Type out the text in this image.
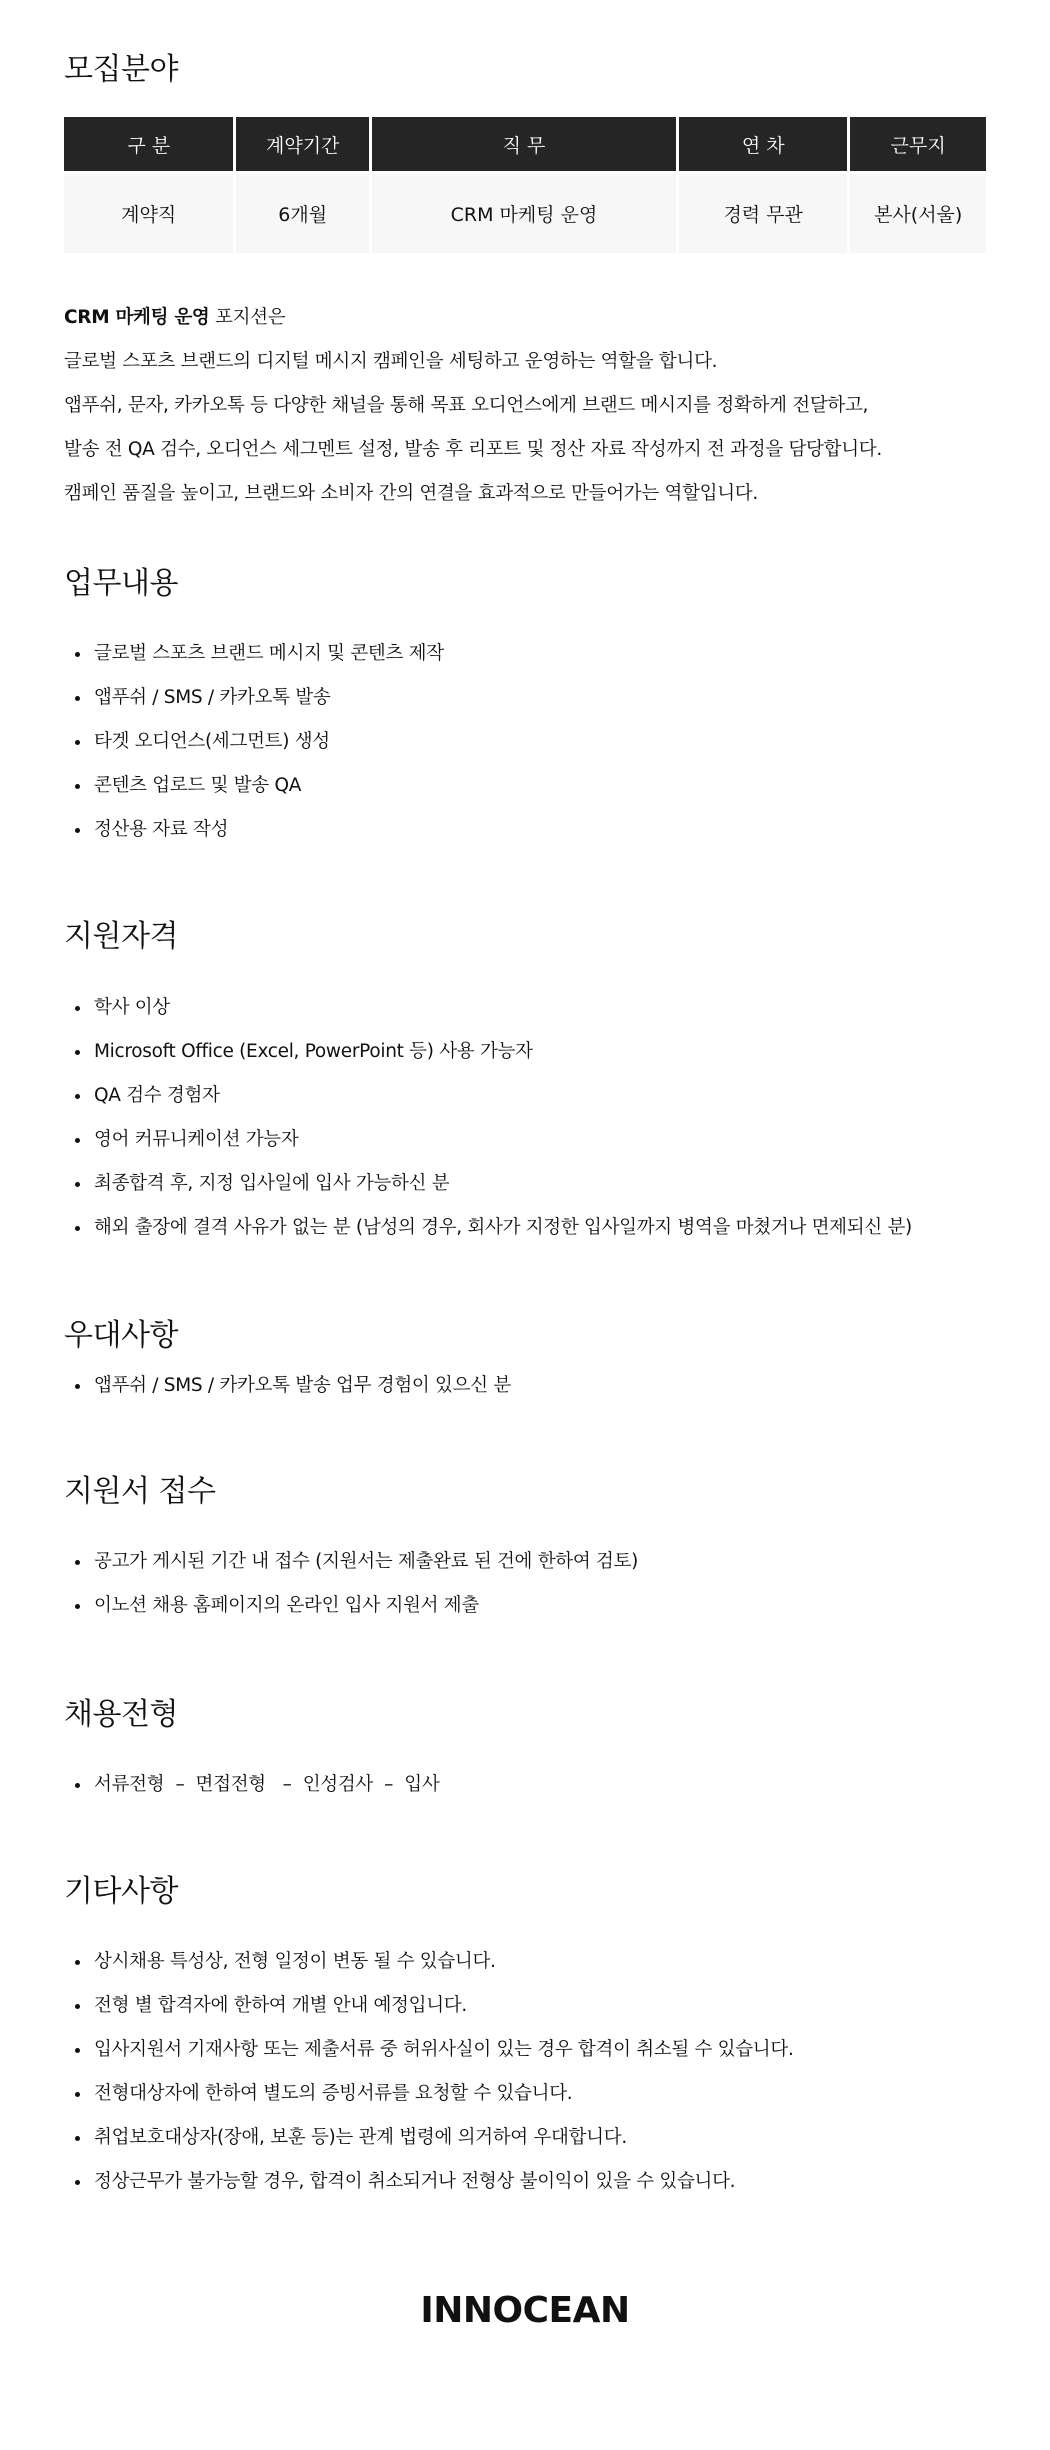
모집분야
구 분	계약기간	직 무	연 차	근무지
계약직	6개월	CRM 마케팅 운영	경력 무관	본사(서울)

CRM 마케팅 운영 포지션은

글로벌 스포츠 브랜드의 디지털 메시지 캠페인을 세팅하고 운영하는 역할을 합니다.

앱푸쉬, 문자, 카카오톡 등 다양한 채널을 통해 목표 오디언스에게 브랜드 메시지를 정확하게 전달하고,

발송 전 QA 검수, 오디언스 세그멘트 설정, 발송 후 리포트 및 정산 자료 작성까지 전 과정을 담당합니다.

캠페인 품질을 높이고, 브랜드와 소비자 간의 연결을 효과적으로 만들어가는 역할입니다.

업무내용
글로벌 스포츠 브랜드 메시지 및 콘텐츠 제작
앱푸쉬 / SMS / 카카오톡 발송
타겟 오디언스(세그먼트) 생성
콘텐츠 업로드 및 발송 QA
정산용 자료 작성
지원자격
학사 이상
Microsoft Office (Excel, PowerPoint 등) 사용 가능자
QA 검수 경험자
영어 커뮤니케이션 가능자
최종합격 후, 지정 입사일에 입사 가능하신 분
해외 출장에 결격 사유가 없는 분 (남성의 경우, 회사가 지정한 입사일까지 병역을 마쳤거나 면제되신 분)
우대사항
앱푸쉬 / SMS / 카카오톡 발송 업무 경험이 있으신 분
지원서 접수
공고가 게시된 기간 내 접수 (지원서는 제출완료 된 건에 한하여 검토)
이노션 채용 홈페이지의 온라인 입사 지원서 제출
채용전형
서류전형  –  면접전형   –  인성검사  –  입사
기타사항
상시채용 특성상, 전형 일정이 변동 될 수 있습니다.
전형 별 합격자에 한하여 개별 안내 예정입니다.
입사지원서 기재사항 또는 제출서류 중 허위사실이 있는 경우 합격이 취소될 수 있습니다.
전형대상자에 한하여 별도의 증빙서류를 요청할 수 있습니다.
취업보호대상자(장애, 보훈 등)는 관계 법령에 의거하여 우대합니다.
정상근무가 불가능할 경우, 합격이 취소되거나 전형상 불이익이 있을 수 있습니다.
INNOCEAN
